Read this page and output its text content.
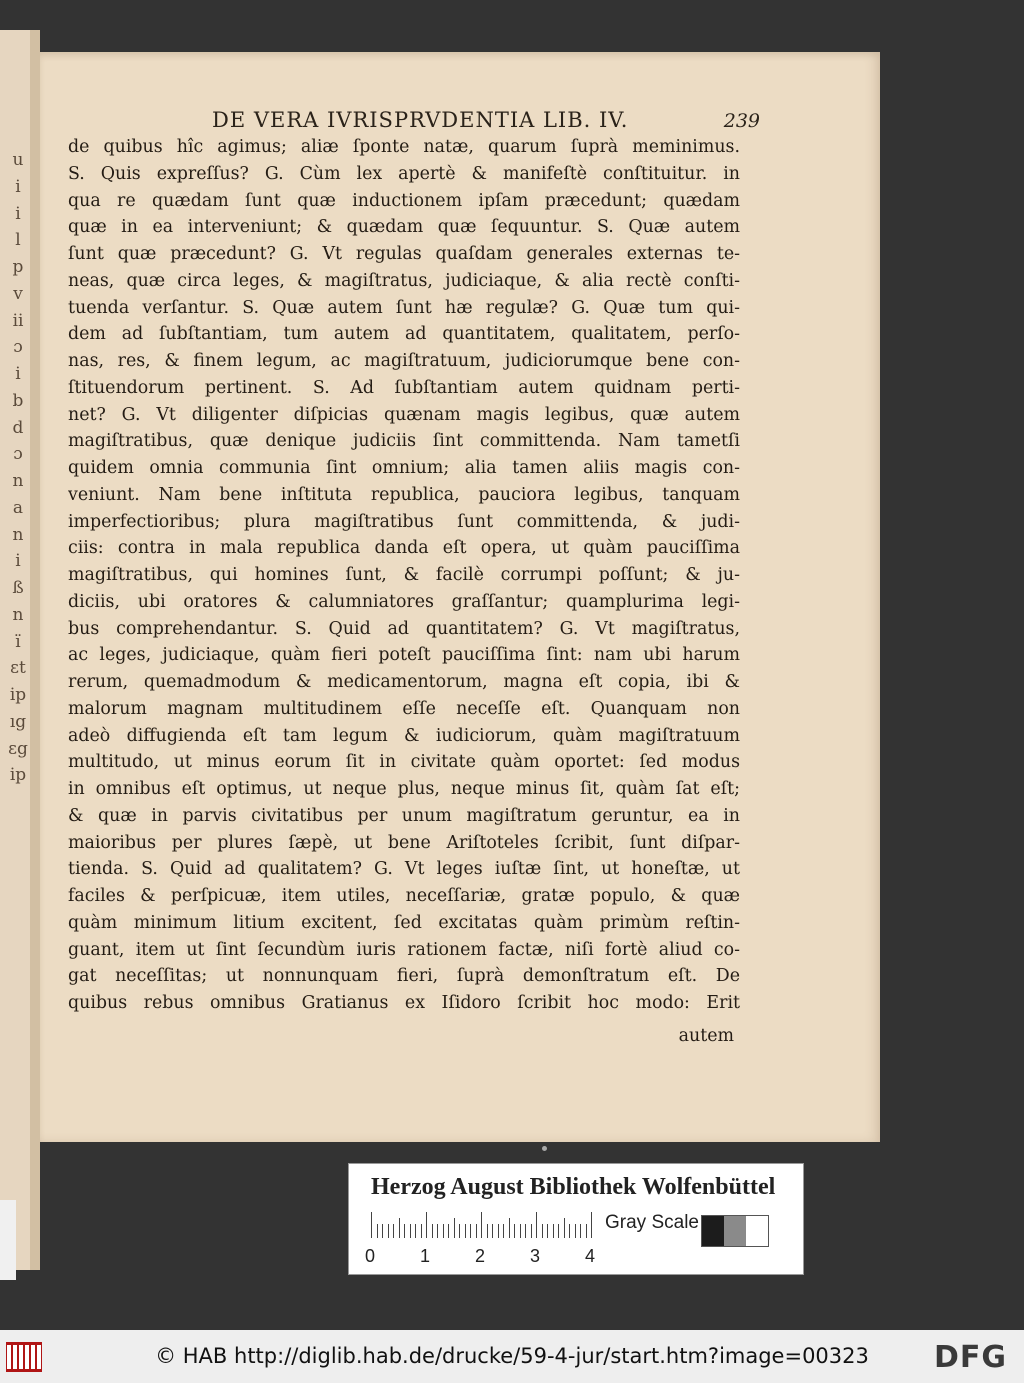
u
i
i
l
p
v
ii
ɔ
i
b
d
ɔ
n
a
n
i
ß
n
ï
ɛt
ip
ıg
ɛg
ip
DE VERA IVRISPRVDENTIA LIB. IV.	239
de quibus hîc agimus; aliæ ſponte natæ, quarum ſuprà meminimus.
S. Quis expreſſus? G. Cùm lex apertè & manifeſtè conſtituitur. in
qua re quædam ſunt quæ inductionem ipſam præcedunt; quædam
quæ in ea interveniunt; & quædam quæ ſequuntur. S. Quæ autem
ſunt quæ præcedunt? G. Vt regulas quaſdam generales externas te-
neas, quæ circa leges, & magiſtratus, judiciaque, & alia rectè conſti-
tuenda verſantur. S. Quæ autem ſunt hæ regulæ? G. Quæ tum qui-
dem ad ſubſtantiam, tum autem ad quantitatem, qualitatem, perſo-
nas, res, & finem legum, ac magiſtratuum, judiciorumque bene con-
ſtituendorum pertinent. S. Ad ſubſtantiam autem quidnam perti-
net? G. Vt diligenter diſpicias quænam magis legibus, quæ autem
magiſtratibus, quæ denique judiciis ſint committenda. Nam tametſi
quidem omnia communia ſint omnium; alia tamen aliis magis con-
veniunt. Nam bene inſtituta republica, pauciora legibus, tanquam
imperfectioribus; plura magiſtratibus ſunt committenda, & judi-
ciis: contra in mala republica danda eſt opera, ut quàm pauciſſima
magiſtratibus, qui homines ſunt, & facilè corrumpi poſſunt; & ju-
diciis, ubi oratores & calumniatores graſſantur; quamplurima legi-
bus comprehendantur. S. Quid ad quantitatem? G. Vt magiſtratus,
ac leges, judiciaque, quàm fieri poteſt pauciſſima ſint: nam ubi harum
rerum, quemadmodum & medicamentorum, magna eſt copia, ibi &
malorum magnam multitudinem eſſe neceſſe eſt. Quanquam non
adeò diffugienda eſt tam legum & iudiciorum, quàm magiſtratuum
multitudo, ut minus eorum ſit in civitate quàm oportet: ſed modus
in omnibus eſt optimus, ut neque plus, neque minus ſit, quàm ſat eſt;
& quæ in parvis civitatibus per unum magiſtratum geruntur, ea in
maioribus per plures ſæpè, ut bene Ariſtoteles ſcribit, ſunt diſpar-
tienda. S. Quid ad qualitatem? G. Vt leges iuſtæ ſint, ut honeſtæ, ut
faciles & perſpicuæ, item utiles, neceſſariæ, gratæ populo, & quæ
quàm minimum litium excitent, ſed excitatas quàm primùm reſtin-
guant, item ut ſint ſecundùm iuris rationem factæ, niſi fortè aliud co-
gat neceſſitas; ut nonnunquam fieri, ſuprà demonſtratum eſt. De
quibus rebus omnibus Gratianus ex Iſidoro ſcribit hoc modo: Erit
autem
Herzog August Bibliothek Wolfenbüttel
0 1 2 3 4
Gray Scale
© HAB http://diglib.hab.de/drucke/59-4-jur/start.htm?image=00323	DFG
